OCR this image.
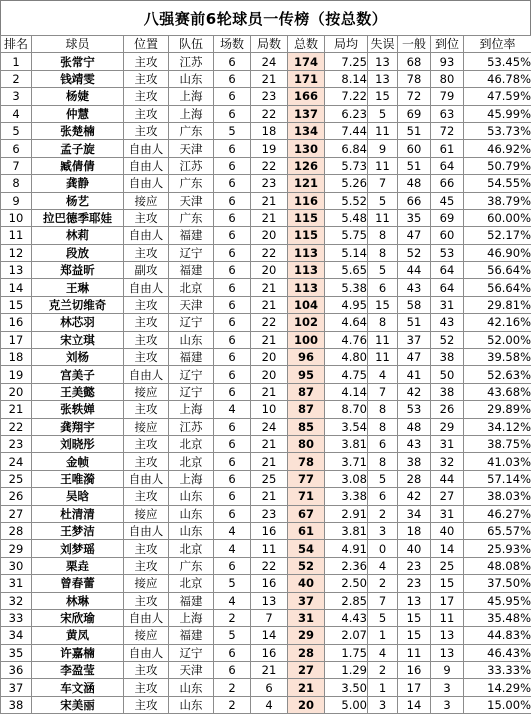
八强赛前6轮球员一传榜（按总数）
排名	球员	位置	队伍	场数	局数	总数	局均	失误	一般	到位	到位率
1	张常宁	主攻	江苏	6	24	174	7.25	13	68	93	53.45%
2	钱靖雯	主攻	山东	6	21	171	8.14	13	78	80	46.78%
3	杨婕	主攻	上海	6	23	166	7.22	15	72	79	47.59%
4	仲慧	主攻	上海	6	22	137	6.23	5	69	63	45.99%
5	张楚楠	主攻	广东	5	18	134	7.44	11	51	72	53.73%
6	孟子旋	自由人	天津	6	19	130	6.84	9	60	61	46.92%
7	臧倩倩	自由人	江苏	6	22	126	5.73	11	51	64	50.79%
8	龚静	自由人	广东	6	23	121	5.26	7	48	66	54.55%
9	杨艺	接应	天津	6	21	116	5.52	5	66	45	38.79%
10	拉巴德季耶娃	主攻	广东	6	21	115	5.48	11	35	69	60.00%
11	林莉	自由人	福建	6	20	115	5.75	8	47	60	52.17%
12	段放	主攻	辽宁	6	22	113	5.14	8	52	53	46.90%
13	郑益昕	副攻	福建	6	20	113	5.65	5	44	64	56.64%
14	王琳	自由人	北京	6	21	113	5.38	6	43	64	56.64%
15	克兰切维奇	主攻	天津	6	21	104	4.95	15	58	31	29.81%
16	林芯羽	主攻	辽宁	6	22	102	4.64	8	51	43	42.16%
17	宋立琪	主攻	山东	6	21	100	4.76	11	37	52	52.00%
18	刘杨	主攻	福建	6	20	96	4.80	11	47	38	39.58%
19	宫美子	自由人	辽宁	6	20	95	4.75	4	41	50	52.63%
20	王美懿	接应	辽宁	6	21	87	4.14	7	42	38	43.68%
21	张轶婵	主攻	上海	4	10	87	8.70	8	53	26	29.89%
22	龚翔宇	接应	江苏	6	24	85	3.54	8	48	29	34.12%
23	刘晓彤	主攻	北京	6	21	80	3.81	6	43	31	38.75%
24	金帧	主攻	北京	6	21	78	3.71	8	38	32	41.03%
25	王唯漪	自由人	上海	6	25	77	3.08	5	28	44	57.14%
26	吴晗	主攻	山东	6	21	71	3.38	6	42	27	38.03%
27	杜清清	接应	山东	6	23	67	2.91	2	34	31	46.27%
28	王梦洁	自由人	山东	4	16	61	3.81	3	18	40	65.57%
29	刘梦瑶	主攻	北京	4	11	54	4.91	0	40	14	25.93%
30	栗垚	主攻	广东	6	22	52	2.36	4	23	25	48.08%
31	曾春蕾	接应	北京	5	16	40	2.50	2	23	15	37.50%
32	林琳	主攻	福建	4	13	37	2.85	7	13	17	45.95%
33	宋欣瑜	自由人	上海	2	7	31	4.43	5	15	11	35.48%
34	黄凤	接应	福建	5	14	29	2.07	1	15	13	44.83%
35	许嘉楠	自由人	辽宁	6	16	28	1.75	4	11	13	46.43%
36	李盈莹	主攻	天津	6	21	27	1.29	2	16	9	33.33%
37	车文涵	主攻	山东	2	6	21	3.50	1	17	3	14.29%
38	宋美丽	主攻	山东	2	4	20	5.00	3	14	3	15.00%
